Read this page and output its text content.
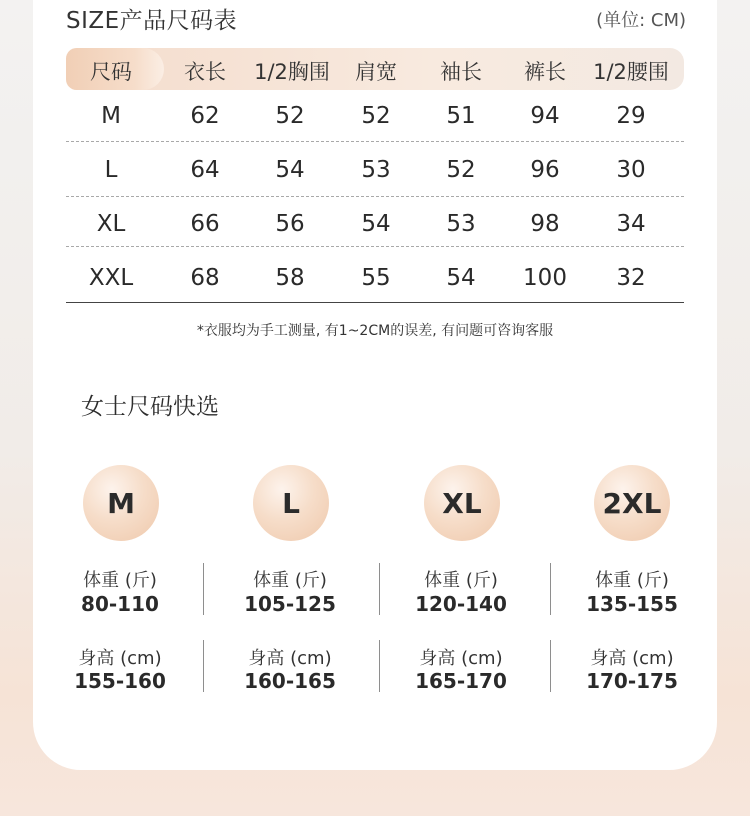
SIZE产品尺码表	(单位: CM)
尺码	衣长	1/2胸围	肩宽	袖长	裤长	1/2腰围
M	62	52	52	51	94	29
L	64	54	53	52	96	30
XL	66	56	54	53	98	34
XXL	68	58	55	54	100	32
*衣服均为手工测量, 有1~2CM的误差, 有问题可咨询客服
女士尺码快选
M	L	XL	2XL
体重 (斤)
80-110
体重 (斤)
105-125
体重 (斤)
120-140
体重 (斤)
135-155
身高 (cm)
155-160
身高 (cm)
160-165
身高 (cm)
165-170
身高 (cm)
170-175
